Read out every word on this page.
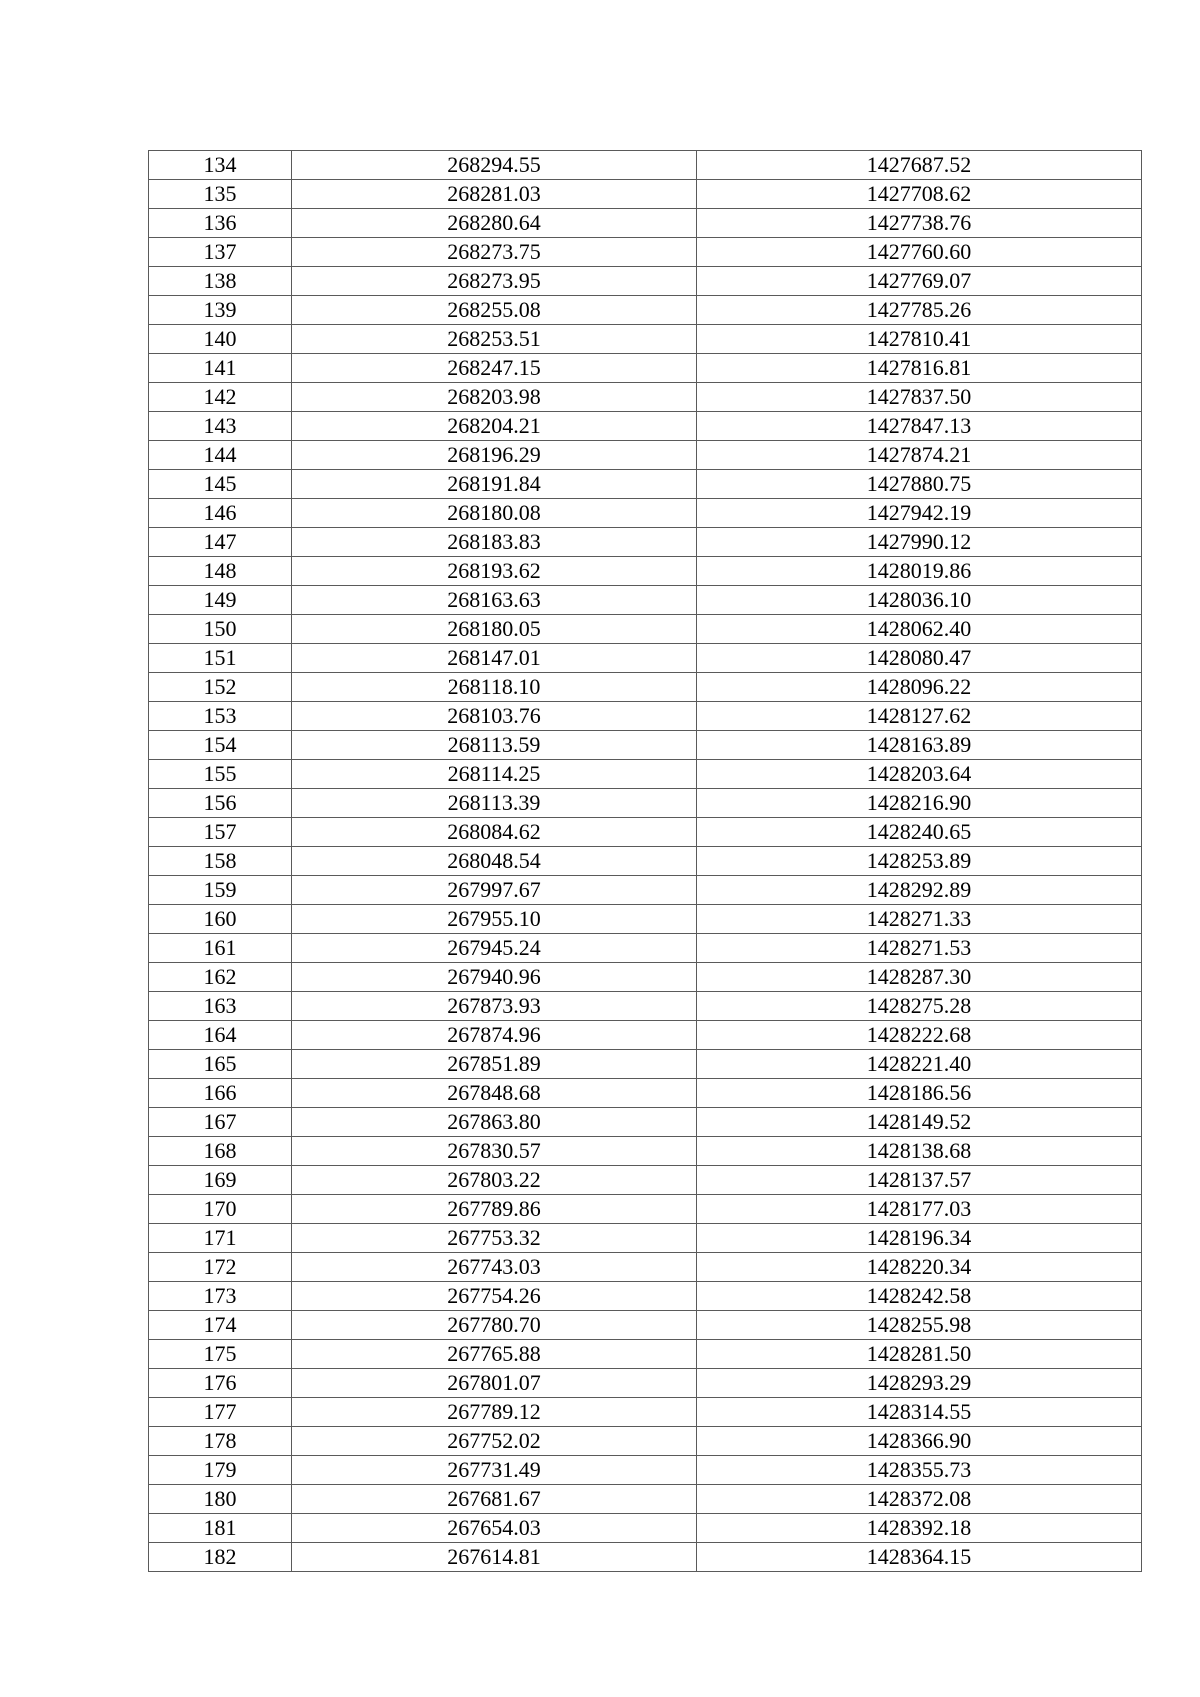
134	268294.55	1427687.52
135	268281.03	1427708.62
136	268280.64	1427738.76
137	268273.75	1427760.60
138	268273.95	1427769.07
139	268255.08	1427785.26
140	268253.51	1427810.41
141	268247.15	1427816.81
142	268203.98	1427837.50
143	268204.21	1427847.13
144	268196.29	1427874.21
145	268191.84	1427880.75
146	268180.08	1427942.19
147	268183.83	1427990.12
148	268193.62	1428019.86
149	268163.63	1428036.10
150	268180.05	1428062.40
151	268147.01	1428080.47
152	268118.10	1428096.22
153	268103.76	1428127.62
154	268113.59	1428163.89
155	268114.25	1428203.64
156	268113.39	1428216.90
157	268084.62	1428240.65
158	268048.54	1428253.89
159	267997.67	1428292.89
160	267955.10	1428271.33
161	267945.24	1428271.53
162	267940.96	1428287.30
163	267873.93	1428275.28
164	267874.96	1428222.68
165	267851.89	1428221.40
166	267848.68	1428186.56
167	267863.80	1428149.52
168	267830.57	1428138.68
169	267803.22	1428137.57
170	267789.86	1428177.03
171	267753.32	1428196.34
172	267743.03	1428220.34
173	267754.26	1428242.58
174	267780.70	1428255.98
175	267765.88	1428281.50
176	267801.07	1428293.29
177	267789.12	1428314.55
178	267752.02	1428366.90
179	267731.49	1428355.73
180	267681.67	1428372.08
181	267654.03	1428392.18
182	267614.81	1428364.15
